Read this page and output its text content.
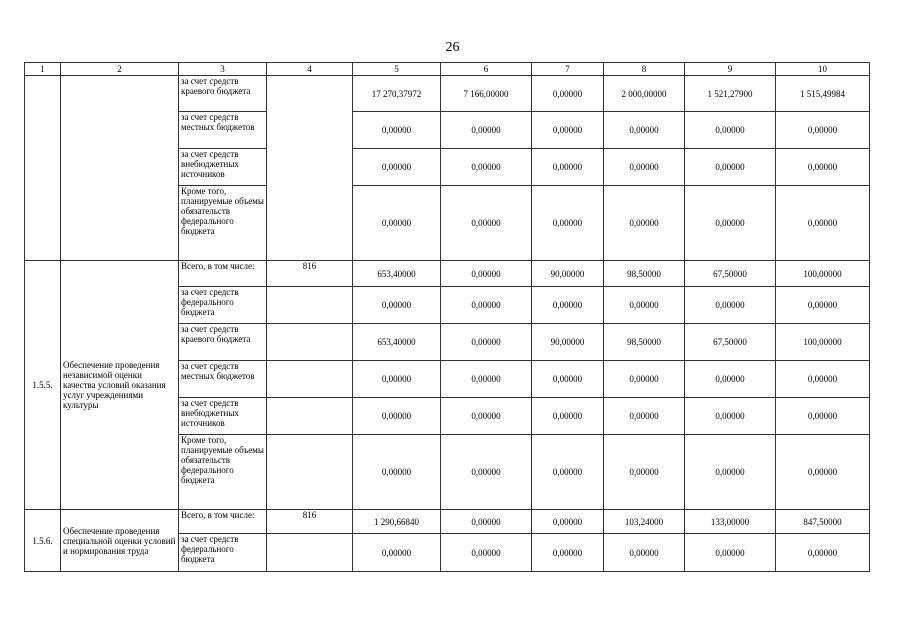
26
1	2	3	4	5	6	7	8	9	10
		за счет средств краевого бюджета		17 270,37972	7 166,00000	0,00000	2 000,00000	1 521,27900	1 515,49984
		за счет средств местных бюджетов		0,00000	0,00000	0,00000	0,00000	0,00000	0,00000
		за счет средств внебюджетных источников		0,00000	0,00000	0,00000	0,00000	0,00000	0,00000
		Кроме того, планируемые объемы обязательств федерального бюджета		0,00000	0,00000	0,00000	0,00000	0,00000	0,00000
1.5.5.	Обеспечение проведения независимой оценки качества условий оказания услуг учреждениями культуры	Всего, в том числе:	816	653,40000	0,00000	90,00000	98,50000	67,50000	100,00000
		за счет средств федерального бюджета		0,00000	0,00000	0,00000	0,00000	0,00000	0,00000
		за счет средств краевого бюджета		653,40000	0,00000	90,00000	98,50000	67,50000	100,00000
		за счет средств местных бюджетов		0,00000	0,00000	0,00000	0,00000	0,00000	0,00000
		за счет средств внебюджетных источников		0,00000	0,00000	0,00000	0,00000	0,00000	0,00000
		Кроме того, планируемые объемы обязательств федерального бюджета		0,00000	0,00000	0,00000	0,00000	0,00000	0,00000
1.5.6.	Обеспечение проведения специальной оценки условий и нормирования труда	Всего, в том числе:	816	1 290,66840	0,00000	0,00000	103,24000	133,00000	847,50000
		за счет средств федерального бюджета		0,00000	0,00000	0,00000	0,00000	0,00000	0,00000
